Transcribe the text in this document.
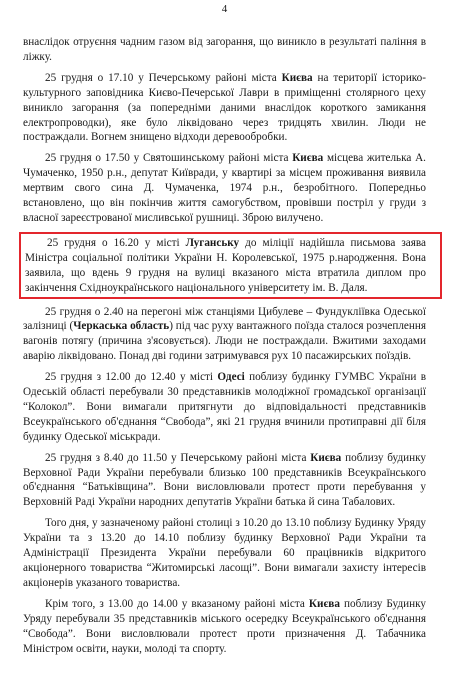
4

внаслідок отруєння чадним газом від загорання, що виникло в результаті паління в ліжку.

25 грудня о 17.10 у Печерському районі міста Києва на території історико-культурного заповідника Києво-Печерської Лаври в приміщенні столярного цеху виникло загорання (за попередніми даними внаслідок короткого замикання електропроводки), яке було ліквідовано через тридцять хвилин. Люди не постраждали. Вогнем знищено відходи деревообробки.

25 грудня о 17.50 у Святошинському районі міста Києва місцева жителька А. Чумаченко, 1950 р.н., депутат Київради, у квартирі за місцем проживання виявила мертвим свого сина Д. Чумаченка, 1974 р.н., безробітного. Попередньо встановлено, що він покінчив життя самогубством, провівши постріл у груди з власної зареєстрованої мисливської рушниці. Зброю вилучено.

25 грудня о 16.20 у місті Луганську до міліції надійшла письмова заява Міністра соціальної політики України Н. Королевської, 1975 р.народження. Вона заявила, що вдень 9 грудня на вулиці вказаного міста втратила диплом про закінчення Східноукраїнського національного університету ім. В. Даля.

25 грудня о 2.40 на перегоні між станціями Цибулеве – Фундуклiївка Одеської залізниці (Черкаська область) під час руху вантажного поїзда сталося розчеплення вагонів потягу (причина з'ясовується). Люди не постраждали. Вжитими заходами аварію ліквідовано. Понад дві години затримувався рух 10 пасажирських поїздів.

25 грудня з 12.00 до 12.40 у місті Одесі поблизу будинку ГУМВС України в Одеській області перебували 30 представників молодіжної громадської організації “Колокол”. Вони вимагали притягнути до відповідальності представників Всеукраїнського об'єднання “Свобода”, які 21 грудня вчинили протиправні дії біля будинку Одеської міськради.

25 грудня з 8.40 до 11.50 у Печерському районі міста Києва поблизу будинку Верховної Ради України перебували близько 100 представників Всеукраїнського об'єднання “Батьківщина”. Вони висловлювали протест проти перебування у Верховній Раді України народних депутатів України батька й сина Табалових.

Того дня, у зазначеному районі столиці з 10.20 до 13.10 поблизу Будинку Уряду України та з 13.20 до 14.10 поблизу будинку Верховної Ради України та Адміністрації Президента України перебували 60 працівників відкритого акціонерного товариства “Житомирські ласощі”. Вони вимагали захисту інтересів акціонерів указаного товариства.

Крім того, з 13.00 до 14.00 у вказаному районі міста Києва поблизу Будинку Уряду перебували 35 представників міського осередку Всеукраїнського об'єднання “Свобода”. Вони висловлювали протест проти призначення Д. Табачника Міністром освіти, науки, молоді та спорту.
